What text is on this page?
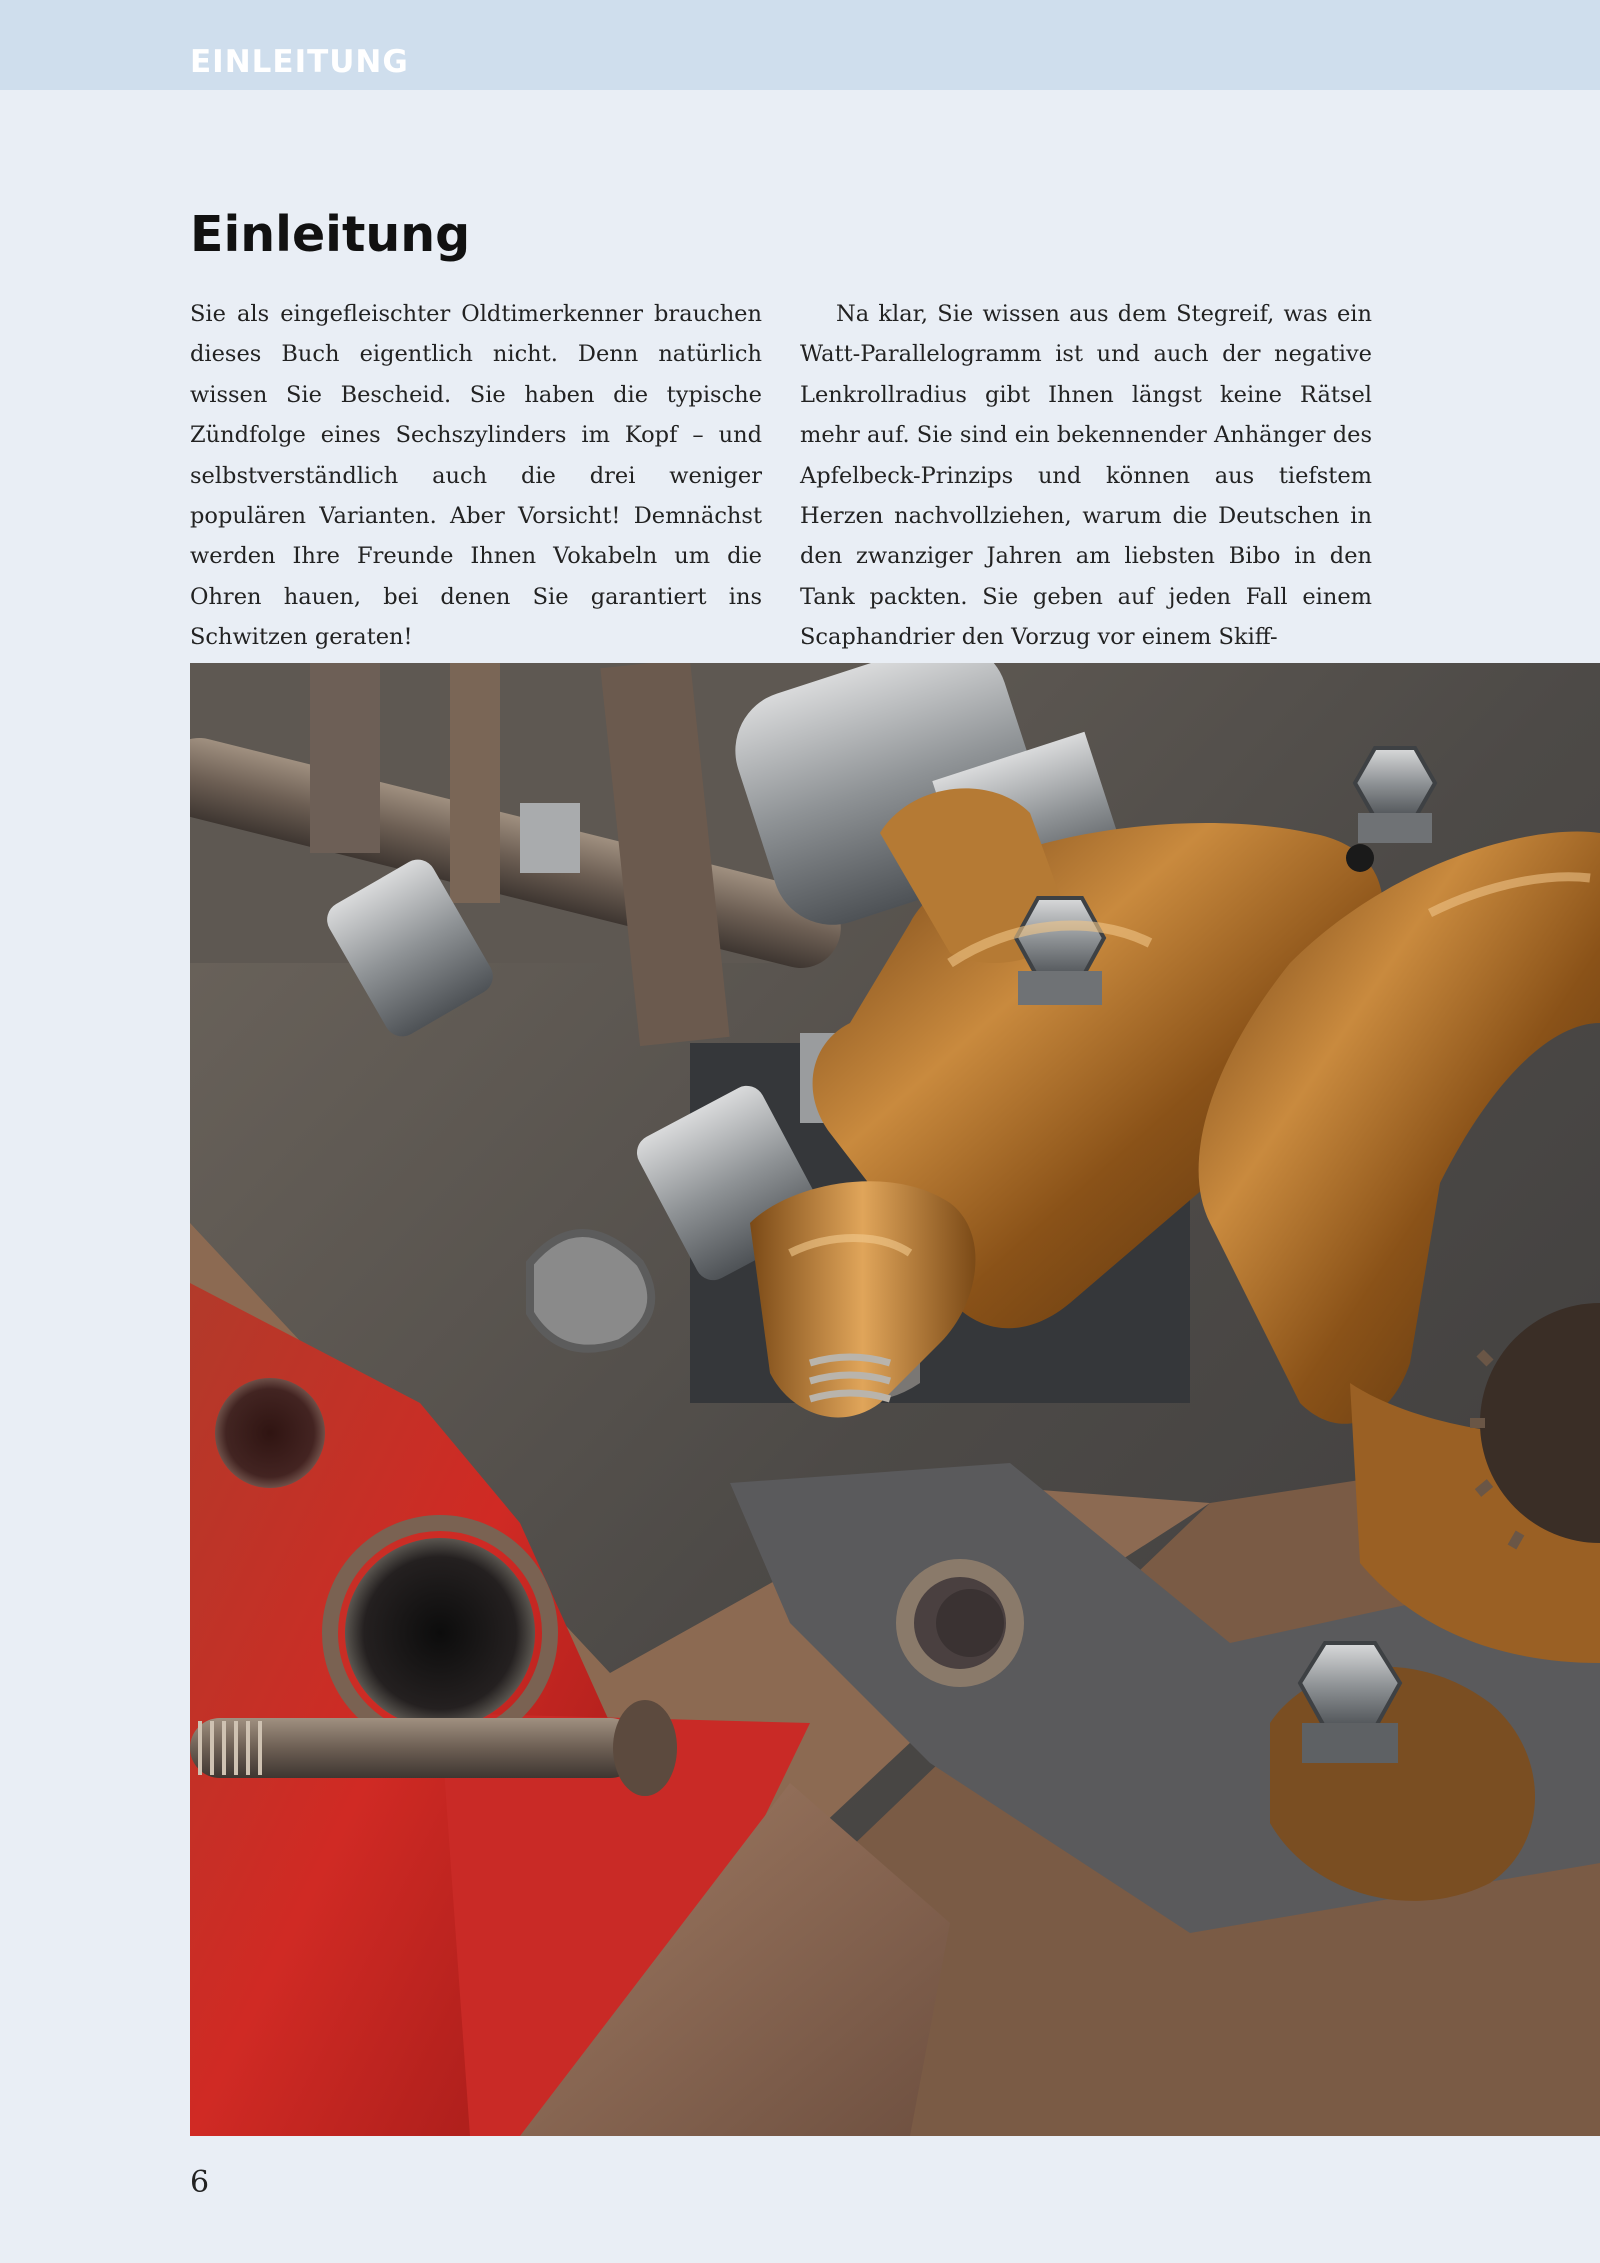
EINLEITUNG
Einleitung

Sie als eingefleischter Oldtimerkenner brauchen dieses Buch eigentlich nicht. Denn natürlich wissen Sie Bescheid. Sie haben die typische Zündfolge eines Sechszylinders im Kopf – und selbstverständlich auch die drei weniger populären Varianten. Aber Vorsicht! Demnächst werden Ihre Freunde Ihnen Vokabeln um die Ohren hauen, bei denen Sie garantiert ins Schwitzen geraten!

Na klar, Sie wissen aus dem Stegreif, was ein Watt-Parallelogramm ist und auch der negative Lenkrollradius gibt Ihnen längst keine Rätsel mehr auf. Sie sind ein bekennender Anhänger des Apfelbeck-Prinzips und können aus tiefstem Herzen nachvollziehen, warum die Deutschen in den zwanziger Jahren am liebsten Bibo in den Tank packten. Sie geben auf jeden Fall einem Scaphandrier den Vorzug vor einem Skiff-

6
